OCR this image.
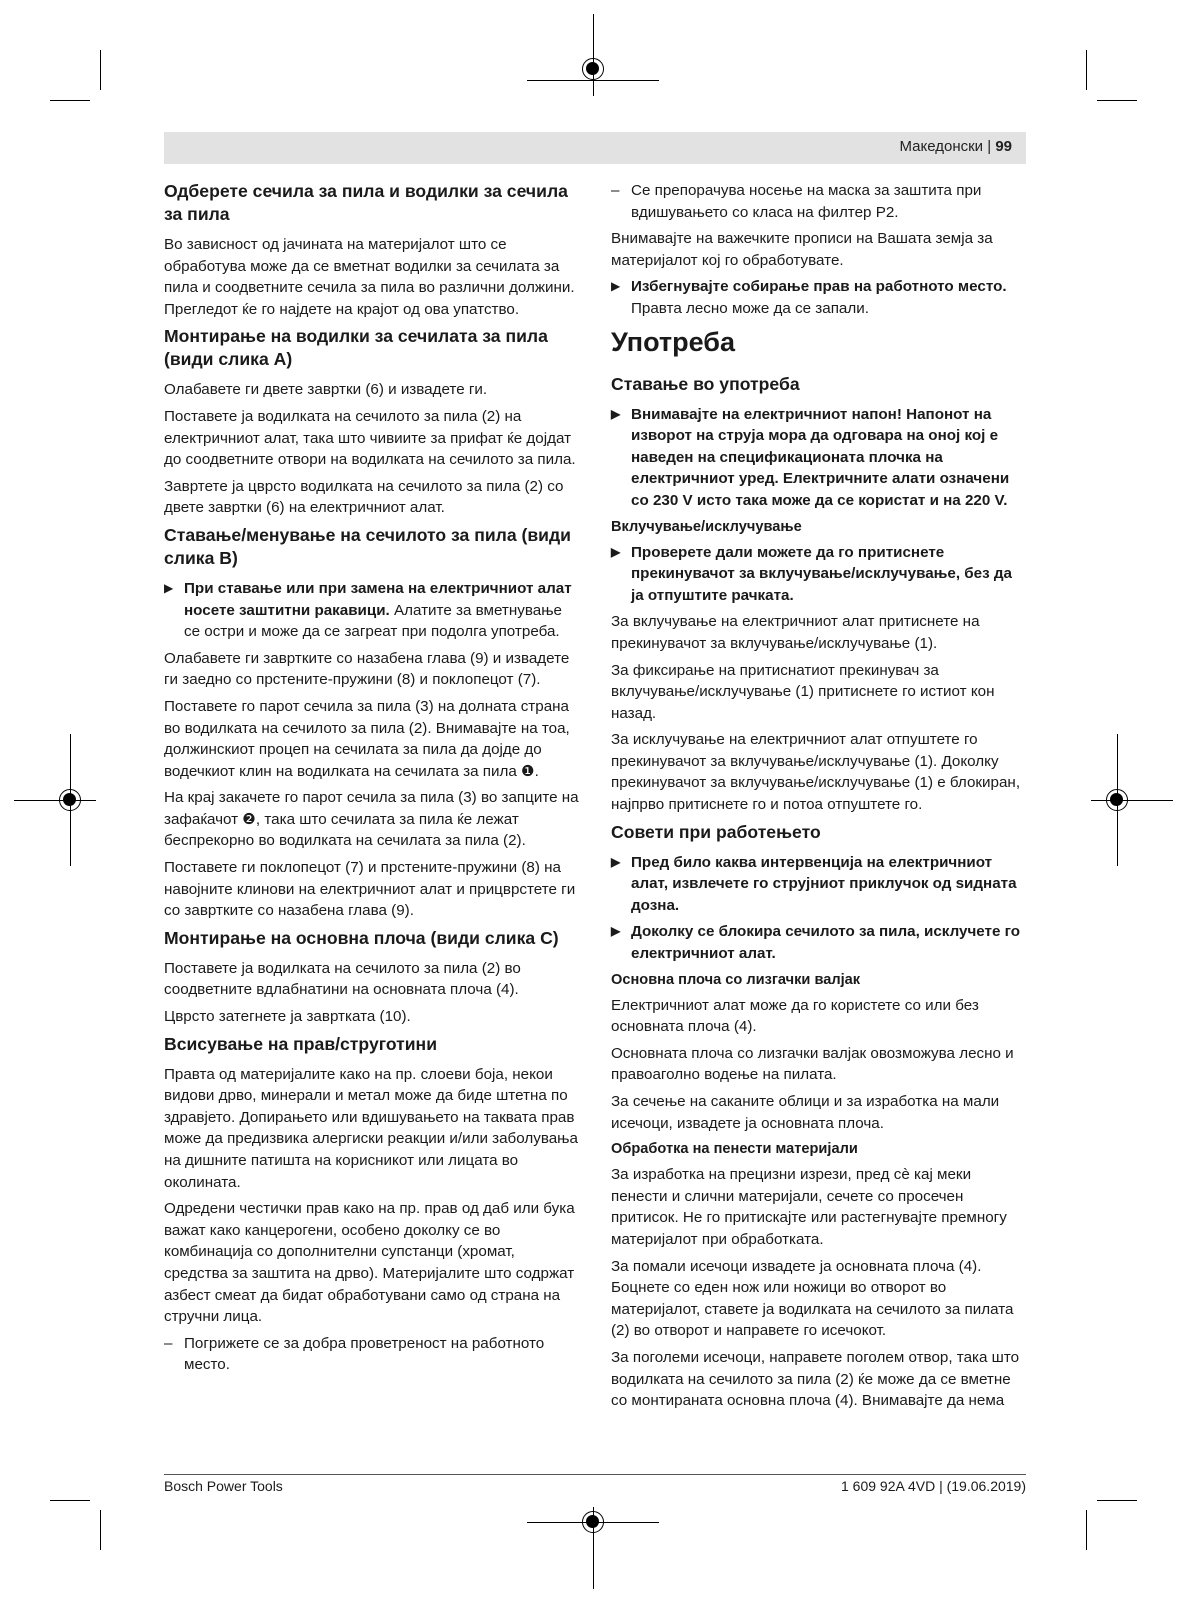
Македонски | 99
Одберете сечила за пила и водилки за сечила за пила

Во зависност од јачината на материјалот што се обработува може да се вметнат водилки за сечилата за пила и соодветните сечила за пила во различни должини. Прегледот ќе го најдете на крајот од ова упатство.

Монтирање на водилки за сечилата за пила (види слика A)

Олабавете ги двете завртки (6) и извадете ги.

Поставете ја водилката на сечилото за пила (2) на електричниот алат, така што чивиите за прифат ќе дојдат до соодветните отвори на водилката на сечилото за пила.

Завртете ја цврсто водилката на сечилото за пила (2) со двете завртки (6) на електричниот алат.

Ставање/менување на сечилото за пила (види слика B)
▶ При ставање или при замена на електричниот алат носете заштитни ракавици. Алатите за вметнување се остри и може да се загреат при подолга употреба.

Олабавете ги завртките со назабена глава (9) и извадете ги заедно со прстените-пружини (8) и поклопецот (7).

Поставете го парот сечила за пила (3) на долната страна во водилката на сечилото за пила (2). Внимавајте на тоа, должинскиот процеп на сечилата за пила да дојде до водечкиот клин на водилката на сечилата за пила ❶.

На крај закачете го парот сечила за пила (3) во запците на зафаќачот ❷, така што сечилата за пила ќе лежат беспрекорно во водилката на сечилата за пила (2).

Поставете ги поклопецот (7) и прстените-пружини (8) на навојните клинови на електричниот алат и прицврстете ги со завртките со назабена глава (9).

Монтирање на основна плоча (види слика C)

Поставете ја водилката на сечилото за пила (2) во соодветните вдлабнатини на основната плоча (4).

Цврсто затегнете ја завртката (10).

Всисување на прав/струготини

Правта од материјалите како на пр. слоеви боја, некои видови дрво, минерали и метал може да биде штетна по здравјето. Допирањето или вдишувањето на таквата прав може да предизвика алергиски реакции и/или заболувања на дишните патишта на корисникот или лицата во околината.

Одредени честички прав како на пр. прав од даб или бука важат како канцерогени, особено доколку се во комбинација со дополнителни супстанци (хромат, средства за заштита на дрво). Материјалите што содржат азбест смеат да бидат обработувани само од страна на стручни лица.

– Погрижете се за добра проветреност на работното место.
– Се препорачува носење на маска за заштита при вдишувањето со класа на филтер P2.

Внимавајте на важечките прописи на Вашата земја за материјалот кој го обработувате.

▶ Избегнувајте собирање прав на работното место.
Правта лесно може да се запали.
Употреба
Ставање во употреба
▶ Внимавајте на електричниот напон! Напонот на изворот на струја мора да одговара на оној кој е наведен на спецификационата плочка на електричниот уред. Електричните алати означени со 230 V исто така може да се користат и на 220 V.
Вклучување/исклучување
▶ Проверете дали можете да го притиснете прекинувачот за вклучување/исклучување, без да ја отпуштите рачката.

За вклучување на електричниот алат притиснете на прекинувачот за вклучување/исклучување (1).

За фиксирање на притиснатиот прекинувач за вклучување/исклучување (1) притиснете го истиот кон назад.

За исклучување на електричниот алат отпуштете го прекинувачот за вклучување/исклучување (1). Доколку прекинувачот за вклучување/исклучување (1) е блокиран, најпрво притиснете го и потоа отпуштете го.

Совети при работењето
▶ Пред било каква интервенција на електричниот алат, извлечете го струјниот приклучок од ѕидната дозна.
▶ Доколку се блокира сечилото за пила, исклучете го електричниот алат.
Основна плоча со лизгачки валјак

Електричниот алат може да го користете со или без основната плоча (4).

Основната плоча со лизгачки валјак овозможува лесно и правоаголно водење на пилата.

За сечење на саканите облици и за изработка на мали исечоци, извадете ја основната плоча.

Обработка на пенести материјали

За изработка на прецизни изрези, пред сè кај меки пенести и слични материјали, сечете со просечен притисок. Не го притискајте или растегнувајте премногу материјалот при обработката.

За помали исечоци извадете ја основната плоча (4). Боцнете со еден нож или ножици во отворот во материјалот, ставете ја водилката на сечилото за пилата (2) во отворот и направете го исечокот.

За поголеми исечоци, направете поголем отвор, така што водилката на сечилото за пила (2) ќе може да се вметне со монтираната основна плоча (4). Внимавајте да нема

Bosch Power Tools	1 609 92A 4VD | (19.06.2019)
